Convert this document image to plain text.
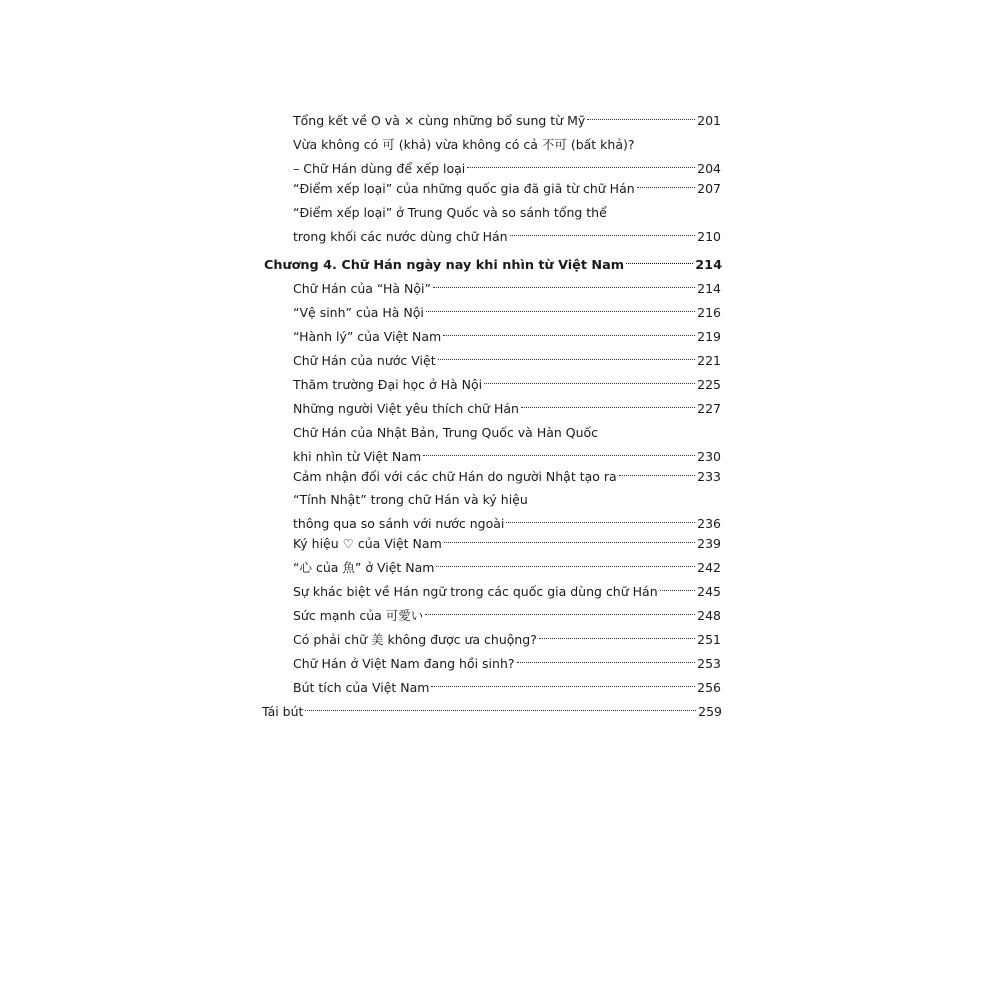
Tổng kết về O và × cùng những bổ sung từ Mỹ	201
Vừa không có 可 (khả) vừa không có cả 不可 (bất khả)?
– Chữ Hán dùng để xếp loại	204
“Điểm xếp loại” của những quốc gia đã giã từ chữ Hán	207
“Điểm xếp loại” ở Trung Quốc và so sánh tổng thể
trong khối các nước dùng chữ Hán	210
Chương 4. Chữ Hán ngày nay khi nhìn từ Việt Nam	214
Chữ Hán của “Hà Nội”	214
“Vệ sinh” của Hà Nội	216
“Hành lý” của Việt Nam	219
Chữ Hán của nước Việt	221
Thăm trường Đại học ở Hà Nội	225
Những người Việt yêu thích chữ Hán	227
Chữ Hán của Nhật Bản, Trung Quốc và Hàn Quốc
khi nhìn từ Việt Nam	230
Cảm nhận đối với các chữ Hán do người Nhật tạo ra	233
“Tính Nhật” trong chữ Hán và ký hiệu
thông qua so sánh với nước ngoài	236
Ký hiệu ♡ của Việt Nam	239
“心 của 魚” ở Việt Nam	242
Sự khác biệt về Hán ngữ trong các quốc gia dùng chữ Hán	245
Sức mạnh của 可愛い	248
Có phải chữ 美 không được ưa chuộng?	251
Chữ Hán ở Việt Nam đang hồi sinh?	253
Bút tích của Việt Nam	256
Tái bút	259
